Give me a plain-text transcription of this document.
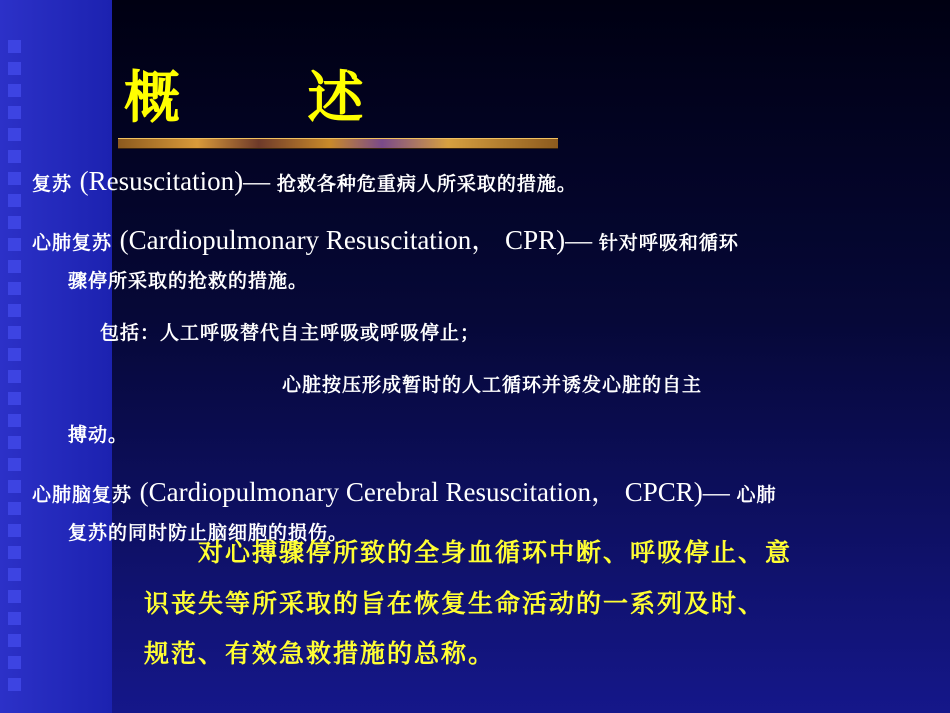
概 述
复苏 (Resuscitation)— 抢救各种危重病人所采取的措施。
心肺复苏 (Cardiopulmonary Resuscitation， CPR)— 针对呼吸和循环
骤停所采取的抢救的措施。
包括：人工呼吸替代自主呼吸或呼吸停止；
心脏按压形成暂时的人工循环并诱发心脏的自主
搏动。
心肺脑复苏 (Cardiopulmonary Cerebral Resuscitation， CPCR)— 心肺
复苏的同时防止脑细胞的损伤。
对心搏骤停所致的全身血循环中断、呼吸停止、意
识丧失等所采取的旨在恢复生命活动的一系列及时、
规范、有效急救措施的总称。
